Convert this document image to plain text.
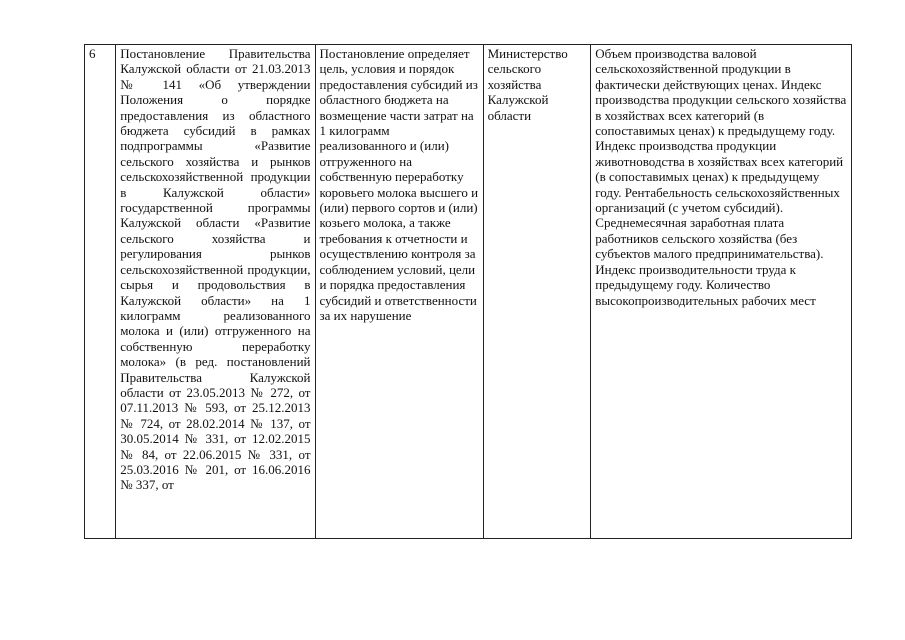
6	Постановление Правительства Калужской области от 21.03.2013 № 141 «Об утверждении Положения о порядке предоставления из областного бюджета субсидий в рамках подпрограммы «Развитие сельского хозяйства и рынков сельскохозяйственной продукции в Калужской области» государственной программы Калужской области «Развитие сельского хозяйства и регулирования рынков сельскохозяйственной продукции, сырья и продовольствия в Калужской области» на 1 килограмм реализованного молока и (или) отгруженного на собственную переработку молока» (в ред. постановлений Правительства Калужской области от 23.05.2013 № 272, от 07.11.2013 № 593, от 25.12.2013 № 724, от 28.02.2014 № 137, от 30.05.2014 № 331, от 12.02.2015 № 84, от 22.06.2015 № 331, от 25.03.2016 № 201, от 16.06.2016 № 337, от	Постановление определяет цель, условия и порядок предоставления субсидий из областного бюджета на возмещение части затрат на 1 килограмм реализованного и (или) отгруженного на собственную переработку коровьего молока высшего и (или) первого сортов и (или) козьего молока, а также требования к отчетности и осуществлению контроля за соблюдением условий, цели и порядка предоставления субсидий и ответственности за их нарушение	Министерство сельского хозяйства Калужской области	Объем производства валовой сельскохозяйственной продукции в фактически действующих ценах. Индекс производства продукции сельского хозяйства в хозяйствах всех категорий (в сопоставимых ценах) к предыдущему году. Индекс производства продукции животноводства в хозяйствах всех категорий (в сопоставимых ценах) к предыдущему году. Рентабельность сельскохозяйственных организаций (с учетом субсидий). Среднемесячная заработная плата работников сельского хозяйства (без субъектов малого предпринимательства). Индекс производительности труда к предыдущему году. Количество высокопроизводительных рабочих мест
